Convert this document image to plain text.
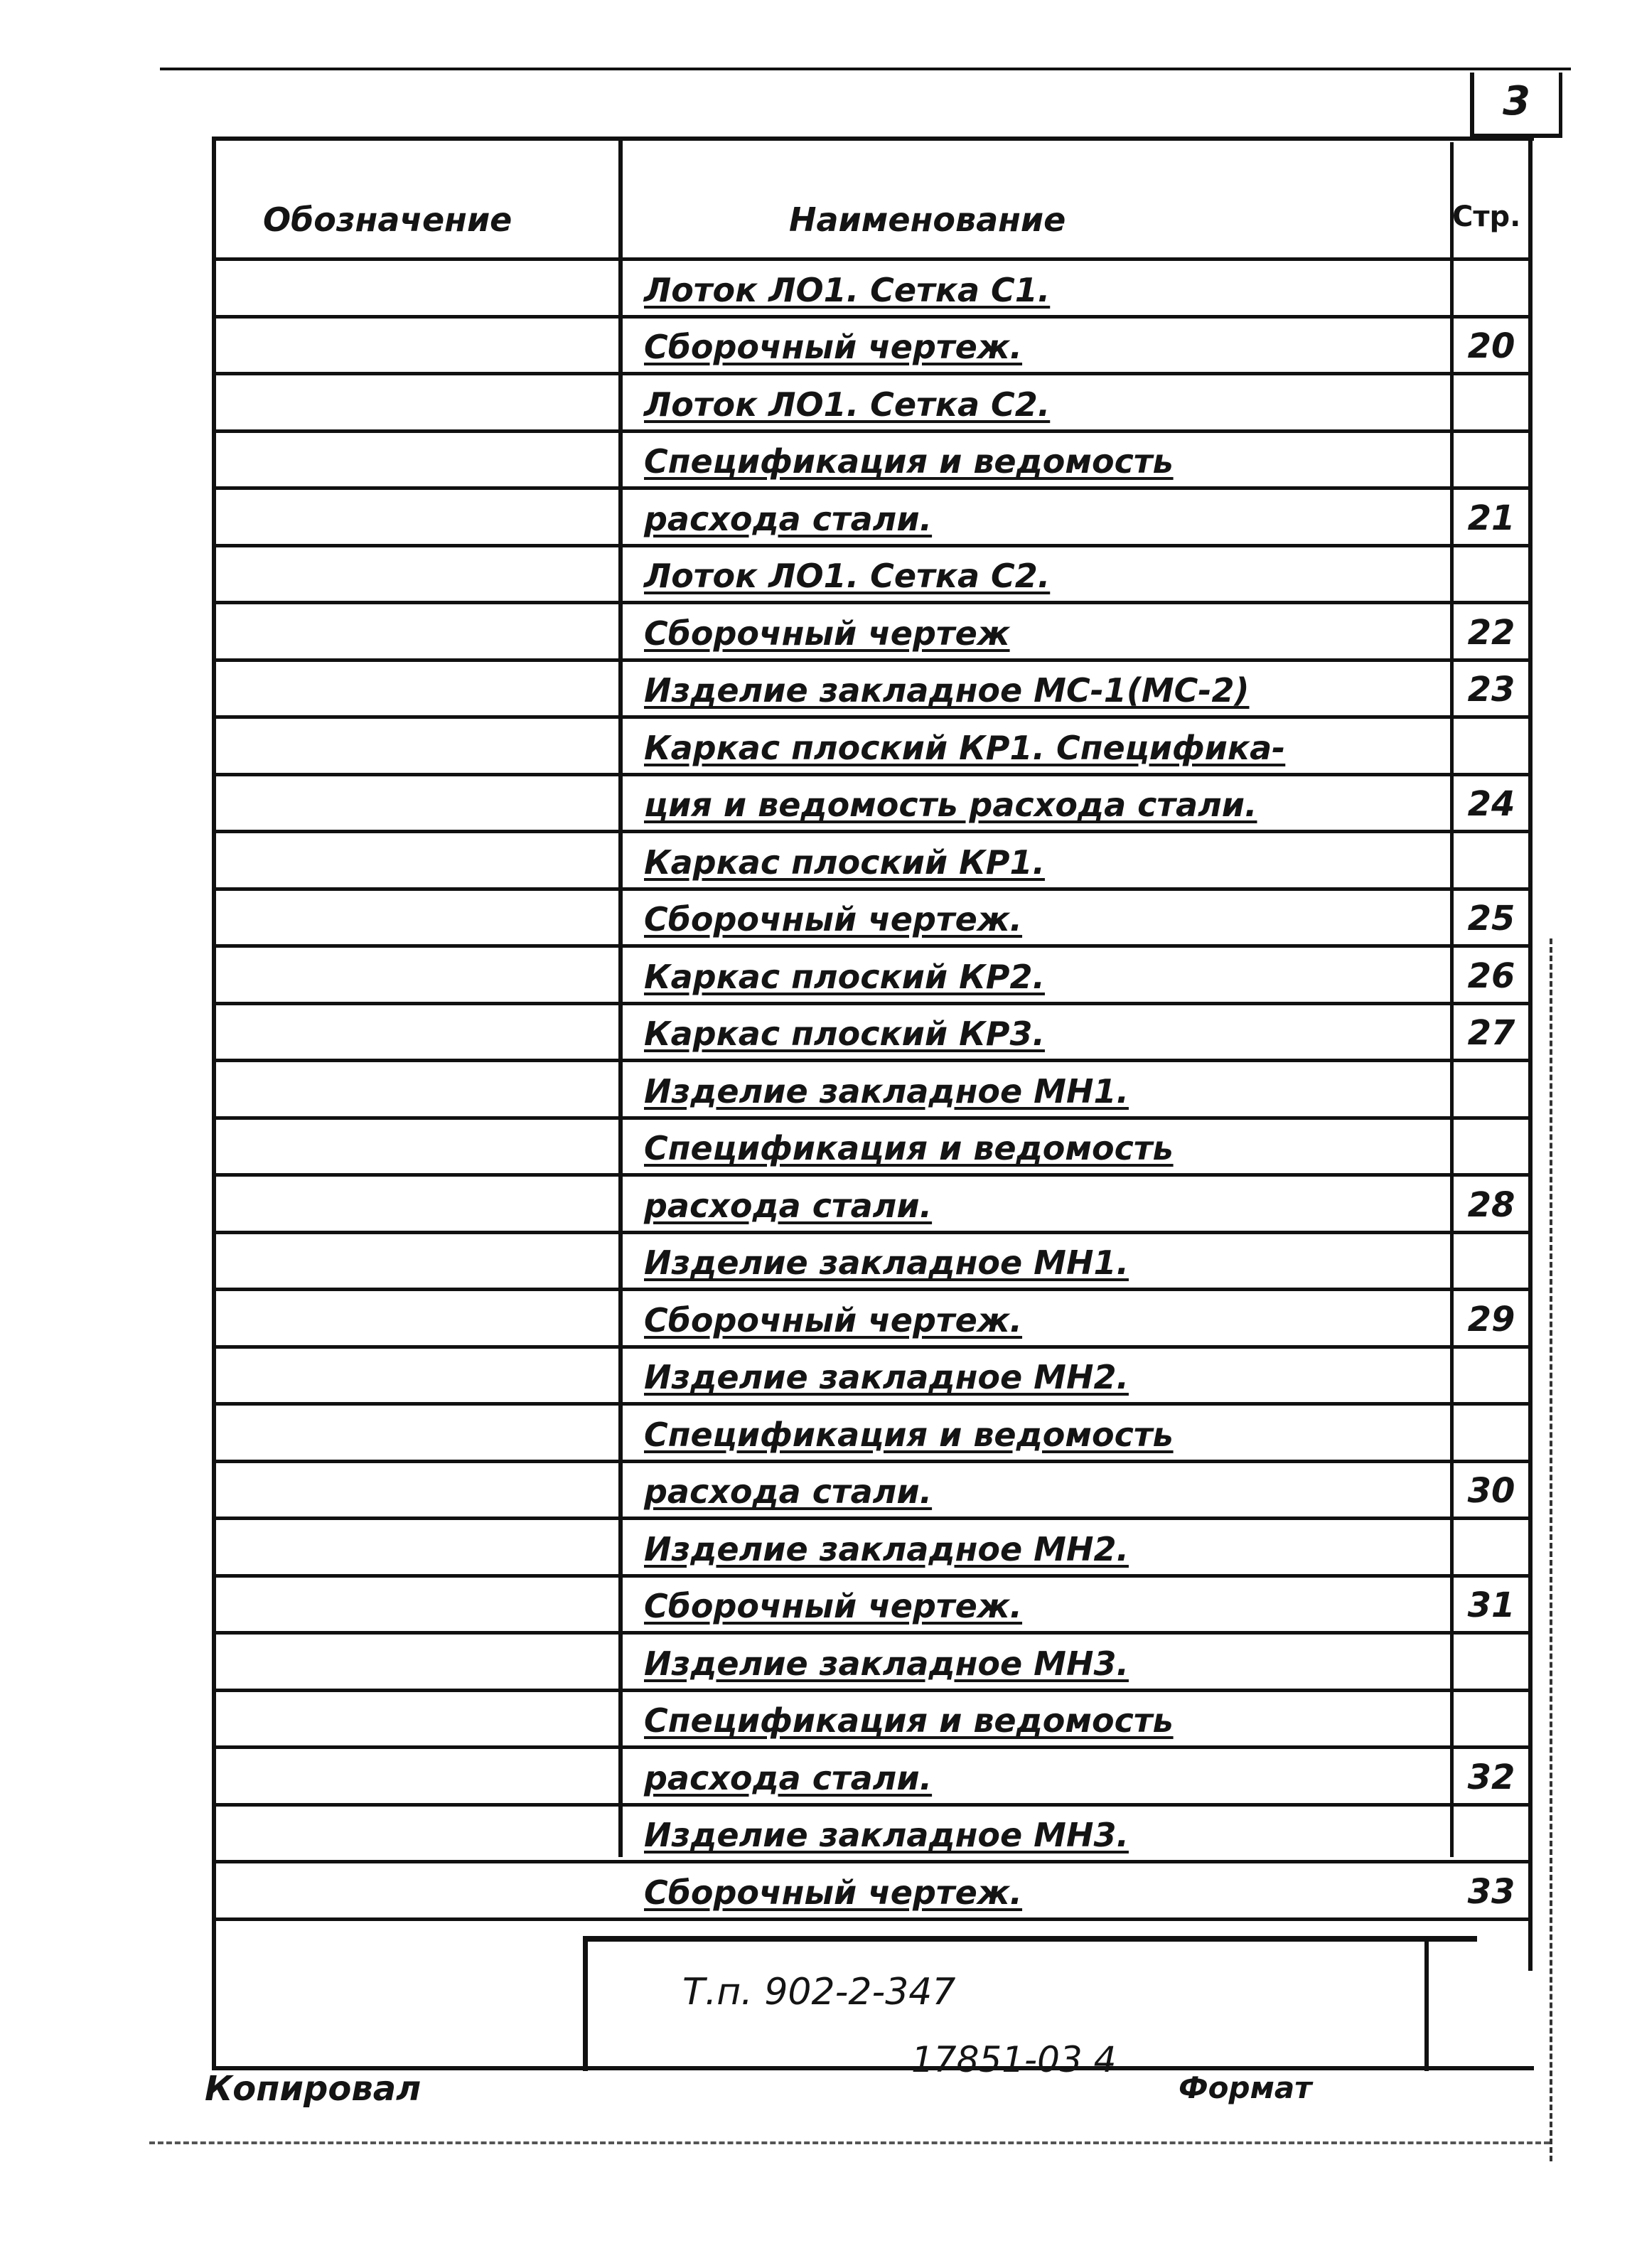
3
Обозначение	Наименование	Стр.
Лоток ЛО1. Сетка С1.
Сборочный чертеж.	20
Лоток ЛО1. Сетка С2.
Спецификация и ведомость
расхода стали.	21
Лоток ЛО1. Сетка С2.
Сборочный чертеж	22
Изделие закладное МС-1(МС-2)	23
Каркас плоский КР1. Специфика-
ция и ведомость расхода стали.	24
Каркас плоский КР1.
Сборочный чертеж.	25
Каркас плоский КР2.	26
Каркас плоский КР3.	27
Изделие закладное МН1.
Спецификация и ведомость
расхода стали.	28
Изделие закладное МН1.
Сборочный чертеж.	29
Изделие закладное МН2.
Спецификация и ведомость
расхода стали.	30
Изделие закладное МН2.
Сборочный чертеж.	31
Изделие закладное МН3.
Спецификация и ведомость
расхода стали.	32
Изделие закладное МН3.
Сборочный чертеж.	33
Т.п. 902-2-347
Копировал
17851-03 4
Формат
